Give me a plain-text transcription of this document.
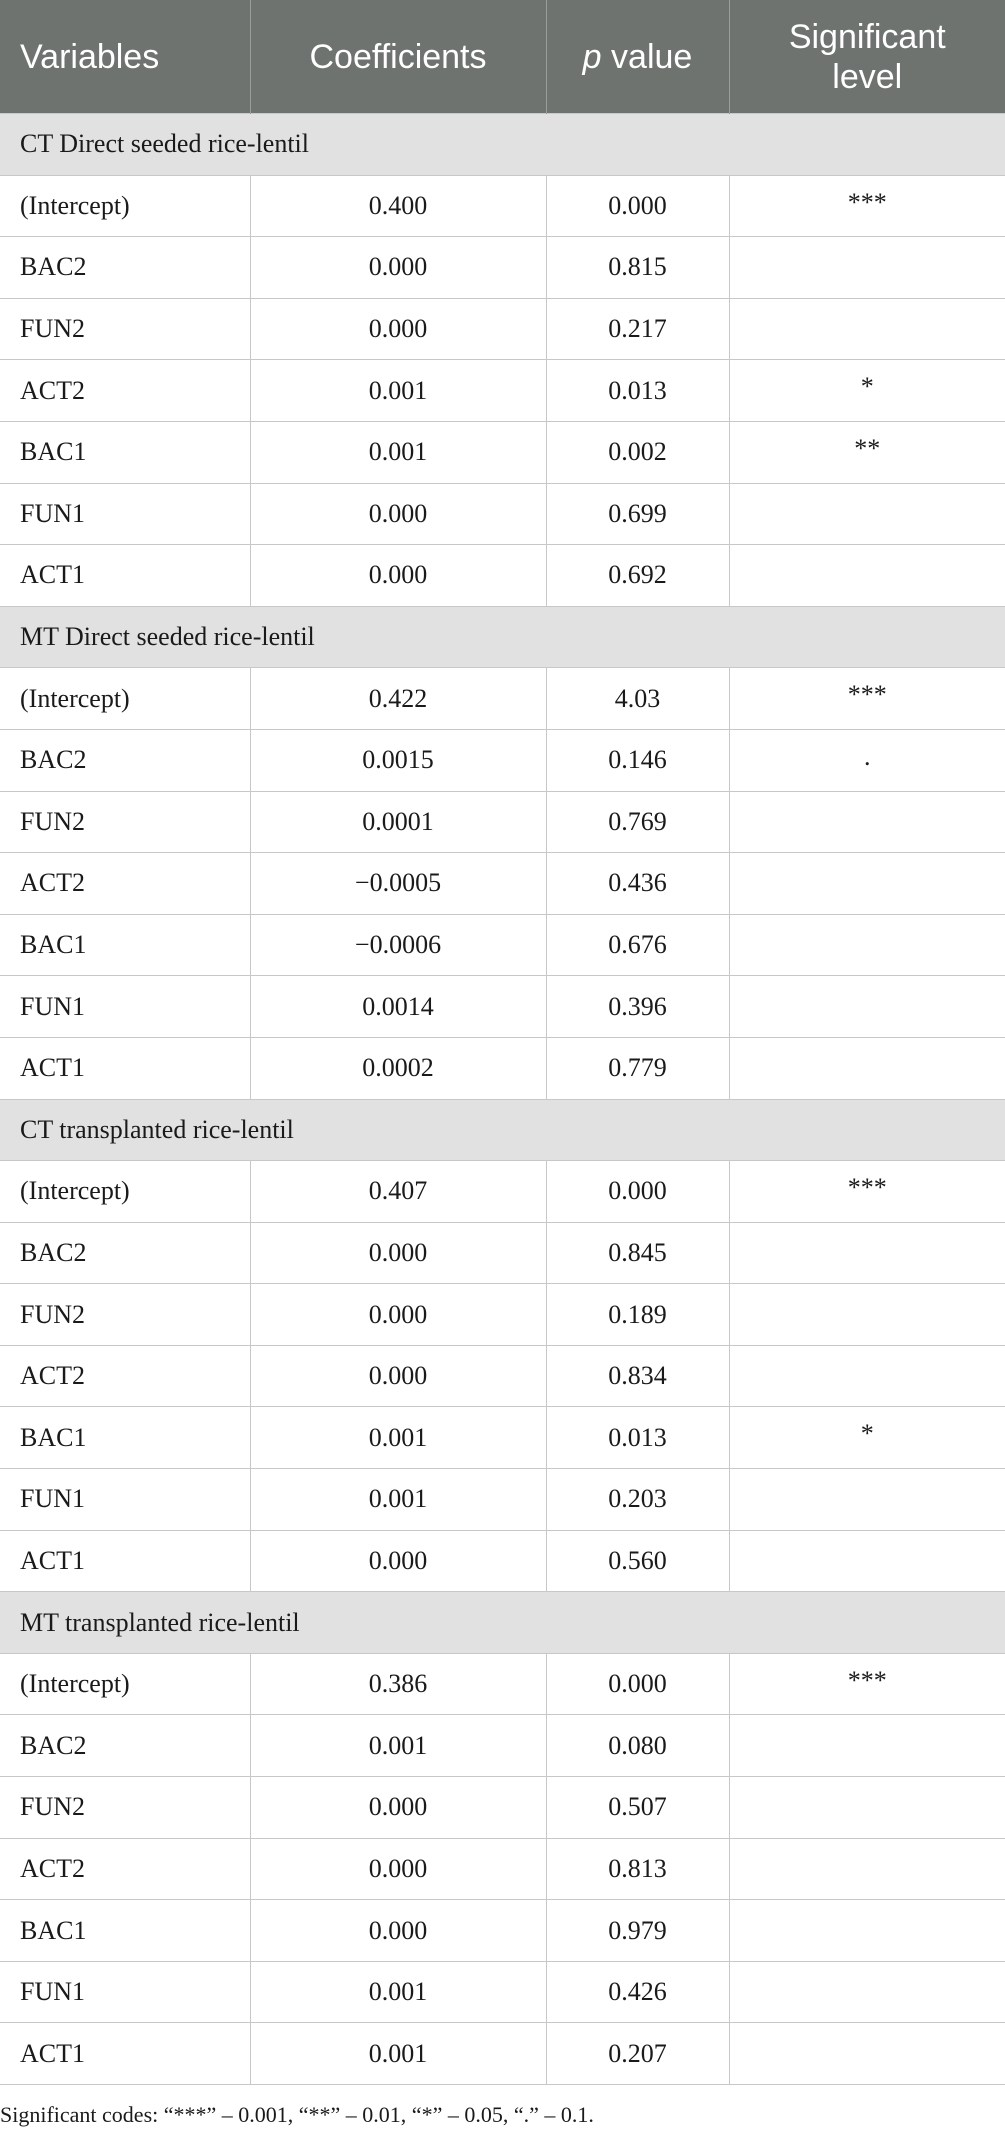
Variables	Coefficients	p value	Significant
level
CT Direct seeded rice-lentil			
(Intercept)	0.400	0.000	***
BAC2	0.000	0.815	
FUN2	0.000	0.217	
ACT2	0.001	0.013	*
BAC1	0.001	0.002	**
FUN1	0.000	0.699	
ACT1	0.000	0.692	
MT Direct seeded rice-lentil			
(Intercept)	0.422	4.03	***
BAC2	0.0015	0.146	.
FUN2	0.0001	0.769	
ACT2	−0.0005	0.436	
BAC1	−0.0006	0.676	
FUN1	0.0014	0.396	
ACT1	0.0002	0.779	
CT transplanted rice-lentil			
(Intercept)	0.407	0.000	***
BAC2	0.000	0.845	
FUN2	0.000	0.189	
ACT2	0.000	0.834	
BAC1	0.001	0.013	*
FUN1	0.001	0.203	
ACT1	0.000	0.560	
MT transplanted rice-lentil			
(Intercept)	0.386	0.000	***
BAC2	0.001	0.080	
FUN2	0.000	0.507	
ACT2	0.000	0.813	
BAC1	0.000	0.979	
FUN1	0.001	0.426	
ACT1	0.001	0.207	
Significant codes: “***” – 0.001, “**” – 0.01, “*” – 0.05, “.” – 0.1.
